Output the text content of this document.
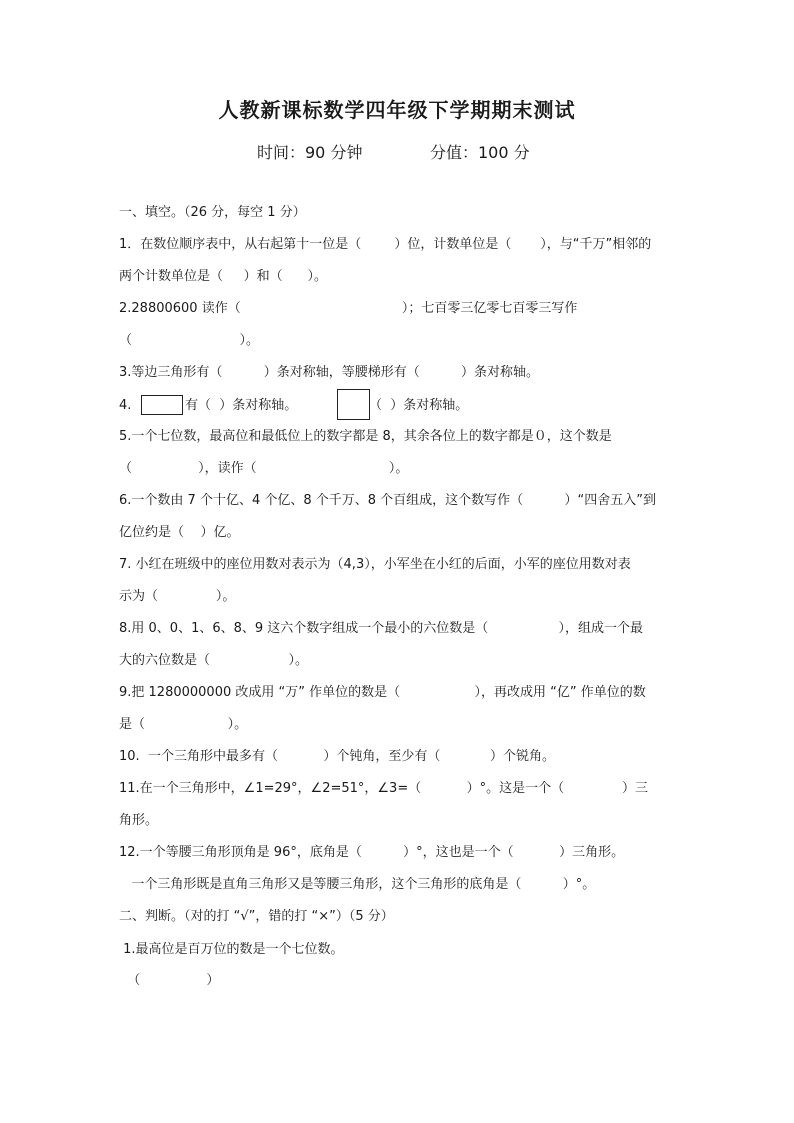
人教新课标数学四年级下学期期末测试
时间：90 分钟	分值：100 分
一、填空。（26 分，每空 1 分）
1．在数位顺序表中，从右起第十一位是（        ）位，计数单位是（       ），与“千万”相邻的
两个计数单位是（     ）和（      ）。
2.28800600 读作（                                       ）；七百零三亿零七百零三写作
（                          ）。
3.等边三角形有（          ）条对称轴，等腰梯形有（          ）条对称轴。
4.	有（  ）条对称轴。	（  ）条对称轴。
5.一个七位数，最高位和最低位上的数字都是 8，其余各位上的数字都是０，这个数是
（                ），读作（                                ）。
6.一个数由 7 个十亿、4 个亿、8 个千万、8 个百组成，这个数写作（          ）“四舍五入”到
亿位约是（    ）亿。
7. 小红在班级中的座位用数对表示为（4,3），小军坐在小红的后面，小军的座位用数对表
示为（              ）。
8.用 0、0、1、6、8、9 这六个数字组成一个最小的六位数是（                 ），组成一个最
大的六位数是（                   ）。
9.把 1280000000 改成用 “万” 作单位的数是（                  ），再改成用 “亿” 作单位的数
是（                    ）。
10.  一个三角形中最多有（           ）个钝角，至少有（            ）个锐角。
11.在一个三角形中，∠1=29°，∠2=51°，∠3=（           ）°。这是一个（              ）三
角形。
12.一个等腰三角形顶角是 96°，底角是（          ）°，这也是一个（           ）三角形。
一个三角形既是直角三角形又是等腰三角形，这个三角形的底角是（          ）°。
二、判断。（对的打 “√”，错的打 “×”）（5 分）
1.最高位是百万位的数是一个七位数。
（                ）
